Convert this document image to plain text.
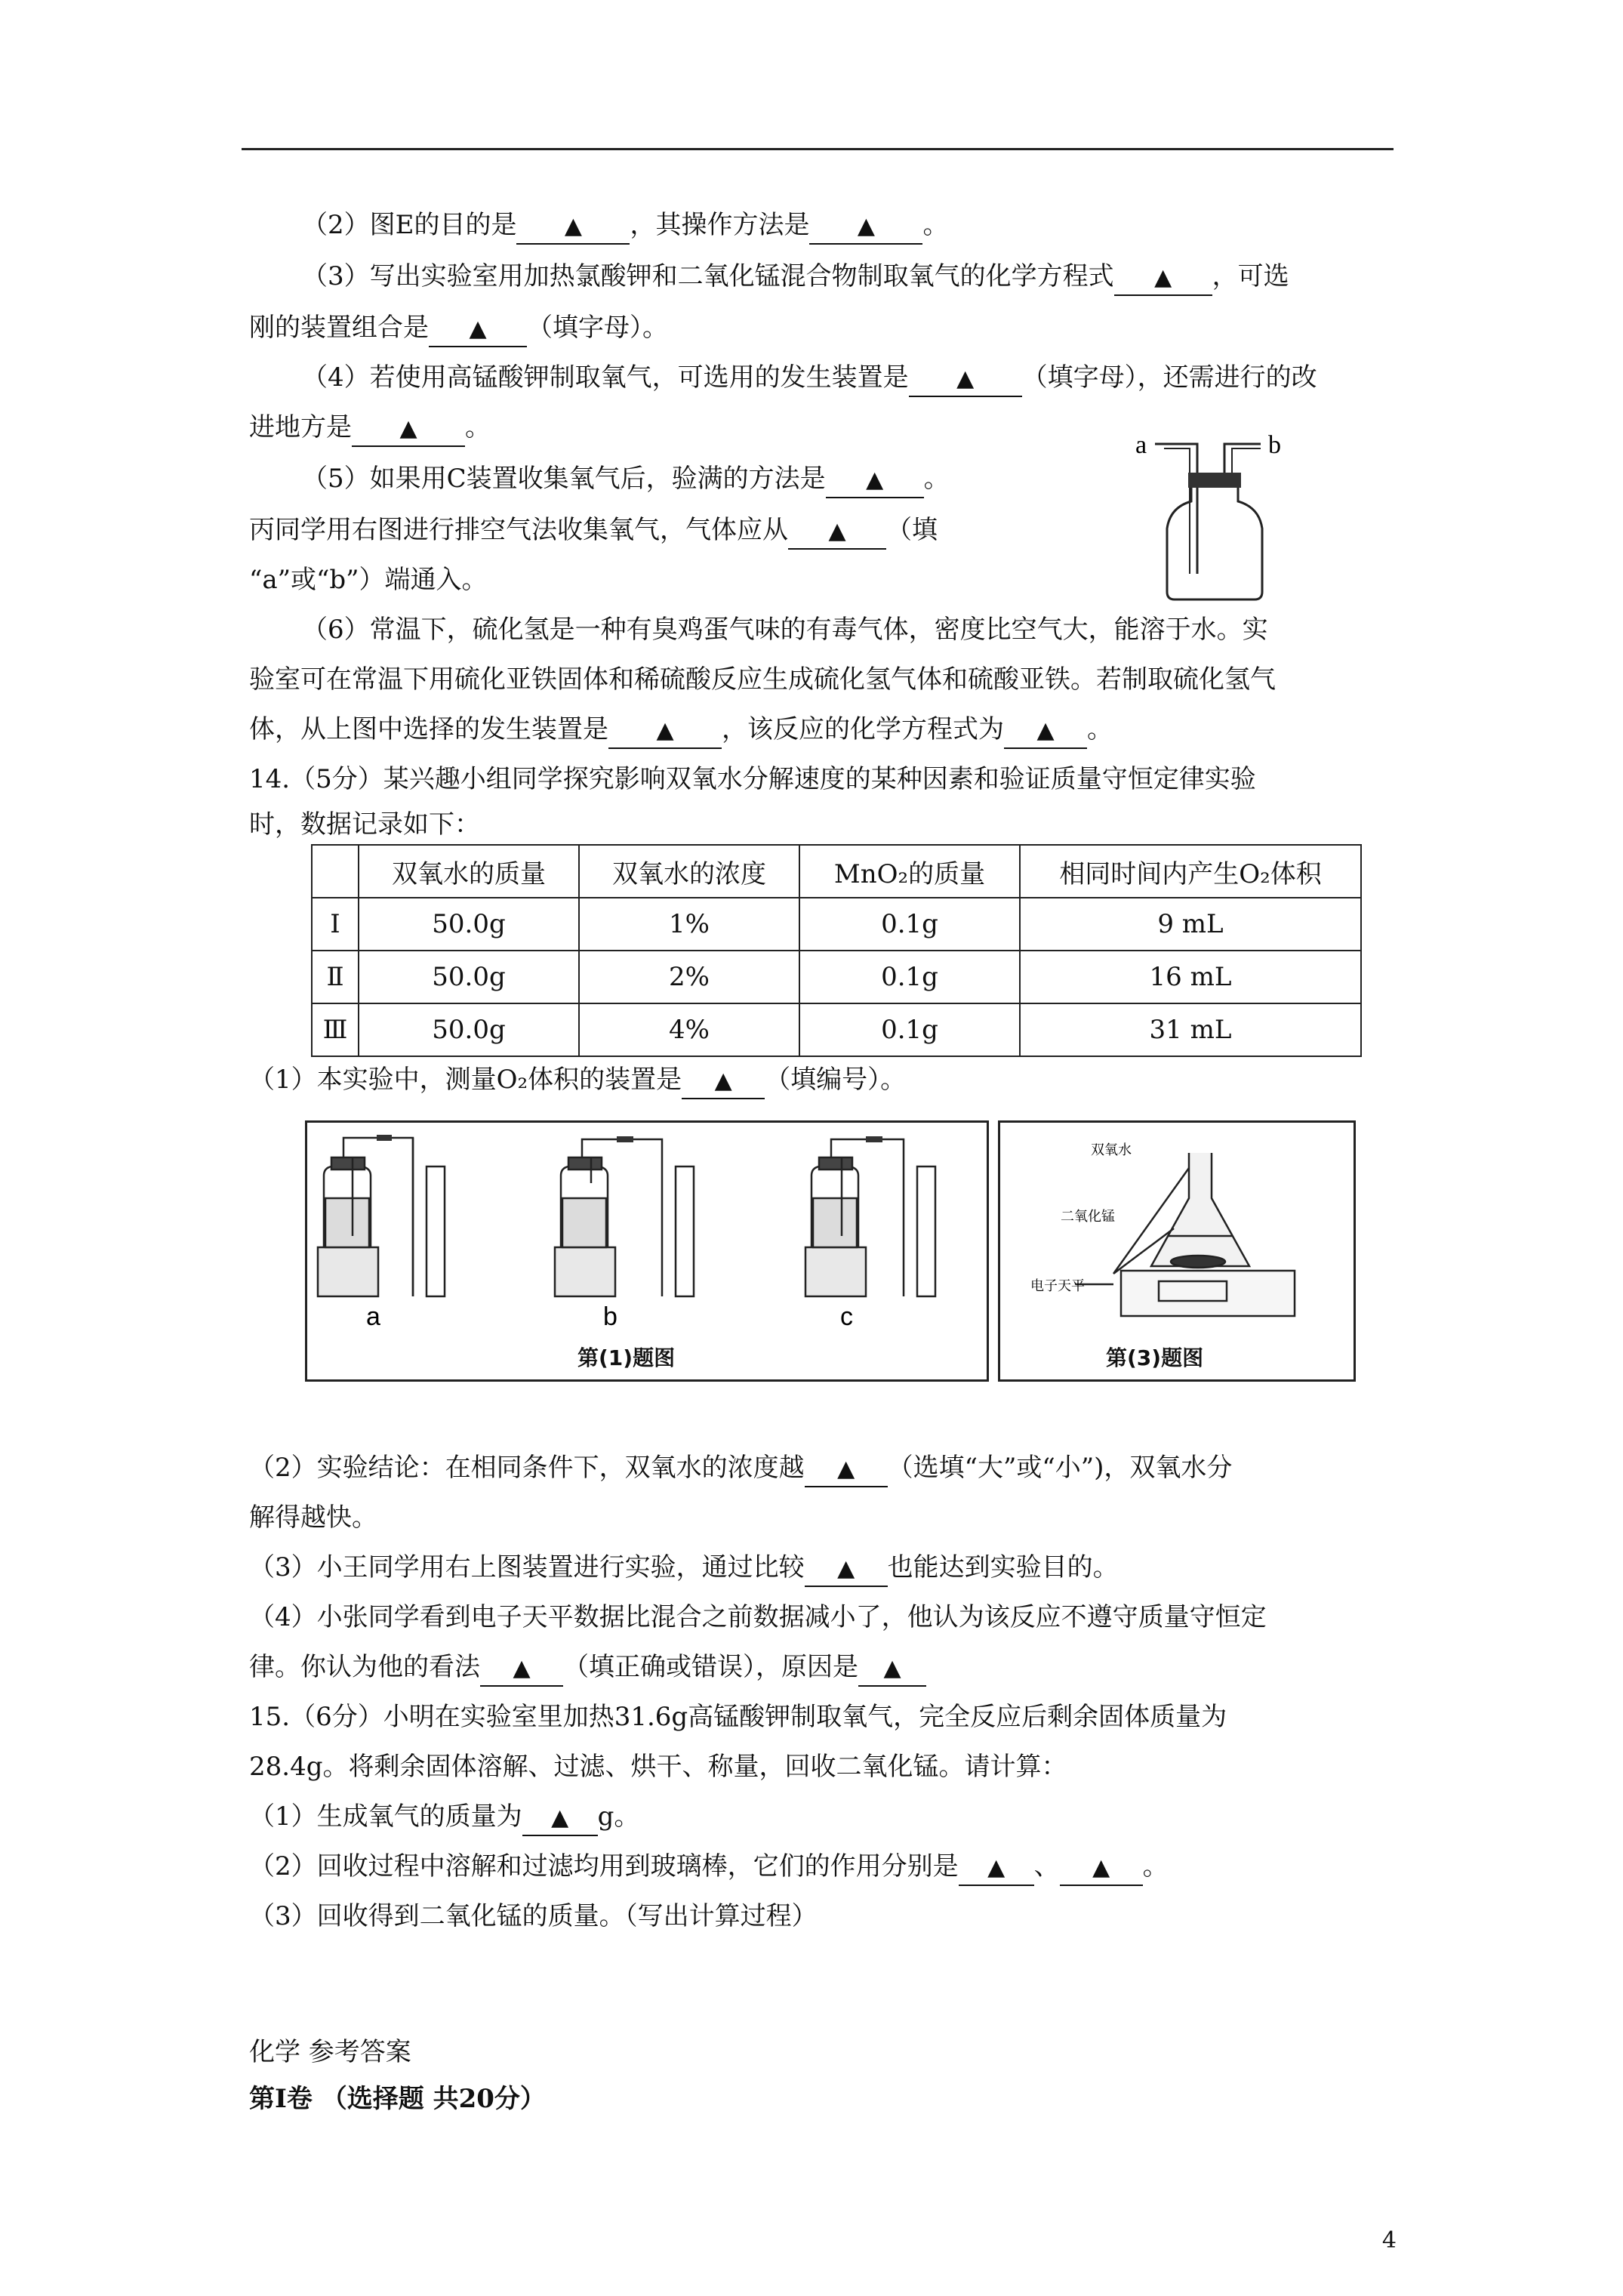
（2）图E的目的是 ▲	，其操作方法是 ▲	。
（3）写出实验室用加热氯酸钾和二氧化锰混合物制取氧气的化学方程式 ▲	，可选
刚的装置组合是 ▲	（填字母）。
（4）若使用高锰酸钾制取氧气，可选用的发生装置是 ▲	（填字母），还需进行的改
进地方是 ▲	。
（5）如果用C装置收集氧气后，验满的方法是 ▲	。
丙同学用右图进行排空气法收集氧气，气体应从 ▲	（填
“a”或“b”）端通入。
a	b
（6）常温下，硫化氢是一种有臭鸡蛋气味的有毒气体，密度比空气大，能溶于水。实
验室可在常温下用硫化亚铁固体和稀硫酸反应生成硫化氢气体和硫酸亚铁。若制取硫化氢气
体，从上图中选择的发生装置是 ▲	，该反应的化学方程式为 ▲	。
14.（5分）某兴趣小组同学探究影响双氧水分解速度的某种因素和验证质量守恒定律实验
时，数据记录如下：
	双氧水的质量	双氧水的浓度	MnO₂的质量	相同时间内产生O₂体积
Ⅰ	50.0g	1%	0.1g	9 mL
Ⅱ	50.0g	2%	0.1g	16 mL
Ⅲ	50.0g	4%	0.1g	31 mL
（1）本实验中，测量O₂体积的装置是 ▲	（填编号）。
a	b	c
第(1)题图
双氧水
二氧化锰
电子天平
第(3)题图
（2）实验结论：在相同条件下，双氧水的浓度越 ▲	（选填“大”或“小”)，双氧水分
解得越快。
（3）小王同学用右上图装置进行实验，通过比较 ▲	也能达到实验目的。
（4）小张同学看到电子天平数据比混合之前数据减小了，他认为该反应不遵守质量守恒定
律。你认为他的看法 ▲	（填正确或错误），原因是▲
15.（6分）小明在实验室里加热31.6g高锰酸钾制取氧气，完全反应后剩余固体质量为
28.4g。将剩余固体溶解、过滤、烘干、称量，回收二氧化锰。请计算：
（1）生成氧气的质量为 ▲	g。
（2）回收过程中溶解和过滤均用到玻璃棒，它们的作用分别是 ▲	、 ▲	。
（3）回收得到二氧化锰的质量。（写出计算过程）
化学 参考答案
第Ⅰ卷 （选择题 共20分）
4
